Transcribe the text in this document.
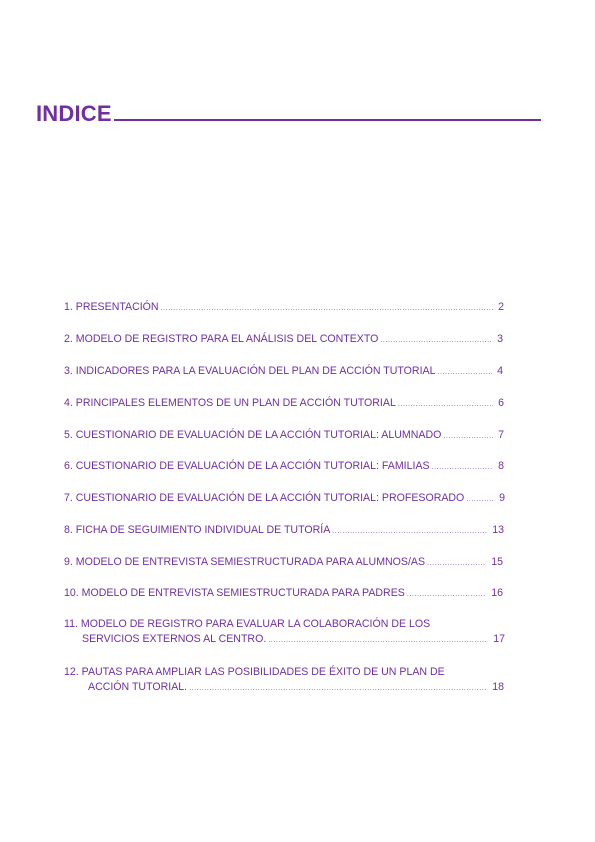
INDICE
1. PRESENTACIÓN .....	2
2. MODELO DE REGISTRO PARA EL ANÁLISIS DEL CONTEXTO .....	3
3. INDICADORES PARA LA EVALUACIÓN DEL PLAN DE ACCIÓN TUTORIAL .....	4
4. PRINCIPALES ELEMENTOS DE UN PLAN DE ACCIÓN TUTORIAL .....	6
5. CUESTIONARIO DE EVALUACIÓN DE LA ACCIÓN TUTORIAL: ALUMNADO .....	7
6. CUESTIONARIO DE EVALUACIÓN DE LA ACCIÓN TUTORIAL: FAMILIAS .....	8
7. CUESTIONARIO DE EVALUACIÓN DE LA ACCIÓN TUTORIAL: PROFESORADO .....	9
8. FICHA DE SEGUIMIENTO INDIVIDUAL DE TUTORÍA .....	13
9. MODELO DE ENTREVISTA SEMIESTRUCTURADA PARA ALUMNOS/AS .....	15
10. MODELO DE ENTREVISTA SEMIESTRUCTURADA PARA PADRES .....	16
11. MODELO DE REGISTRO PARA EVALUAR LA COLABORACIÓN DE LOS
SERVICIOS EXTERNOS AL CENTRO. .....	17
12. PAUTAS PARA AMPLIAR LAS POSIBILIDADES DE ÉXITO DE UN PLAN DE
ACCIÓN TUTORIAL. .....	18
